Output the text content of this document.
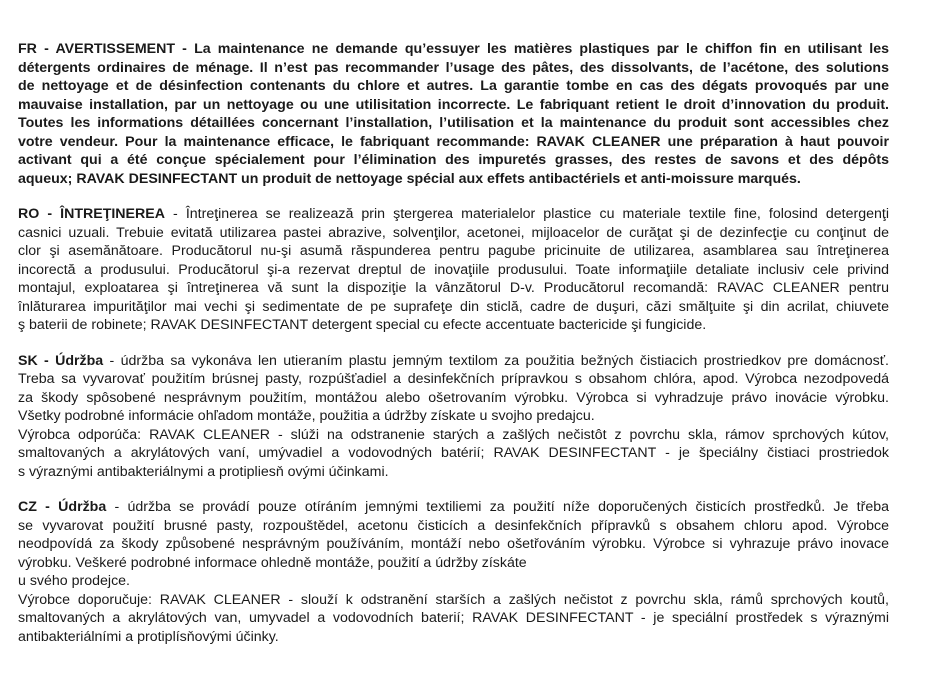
FR - AVERTISSEMENT - La maintenance ne demande qu’essuyer les matières plastiques par le chiffon fin en utilisant les
détergents ordinaires de ménage. Il n’est pas recommander l’usage des pâtes, des dissolvants, de l’acétone, des solutions
de nettoyage et de désinfection contenants du chlore et autres. La garantie tombe en cas des dégats provoqués par une
mauvaise installation, par un nettoyage ou une utilisitation incorrecte. Le fabriquant retient le droit d’innovation du produit.
Toutes les informations détaillées concernant l’installation, l’utilisation et la maintenance du produit sont accessibles chez
votre vendeur. Pour la maintenance efficace, le fabriquant recommande: RAVAK CLEANER une préparation à haut pouvoir
activant qui a été conçue spécialement pour l’élimination des impuretés grasses, des restes de savons et des dépôts
aqueux; RAVAK DESINFECTANT un produit de nettoyage spécial aux effets antibactériels et anti-moissure marqués.
RO - ÎNTREŢINEREA - Întreţinerea se realizează prin ştergerea materialelor plastice cu materiale textile fine, folosind detergenţi
casnici uzuali. Trebuie evitată utilizarea pastei abrazive, solvenţilor, acetonei, mijloacelor de curăţat şi de dezinfecţie cu conţinut de
clor şi asemănătoare. Producătorul nu-şi asumă răspunderea pentru pagube pricinuite de utilizarea, asamblarea sau întreţinerea
incorectă a produsului. Producătorul şi-a rezervat dreptul de inovaţiile produsului. Toate informaţiile detaliate inclusiv cele privind
montajul, exploatarea şi întreţinerea vă sunt la dispoziţie la vânzătorul D-v. Producătorul recomandă: RAVAC CLEANER pentru
înlăturarea impurităţilor mai vechi şi sedimentate de pe suprafeţe din sticlă, cadre de duşuri, căzi smălţuite şi din acrilat, chiuvete
ş baterii de robinete; RAVAK DESINFECTANT detergent special cu efecte accentuate bactericide şi fungicide.
SK - Údržba - údržba sa vykonáva len utieraním plastu jemným textilom za použitia bežných čistiacich prostriedkov pre domácnosť.
Treba sa vyvarovať použitím brúsnej pasty, rozpúšťadiel a desinfekčních prípravkou s obsahom chlóra, apod. Výrobca nezodpovedá
za škody spôsobené nesprávnym použitím, montážou alebo ošetrovaním výrobku. Výrobca si vyhradzuje právo inovácie výrobku.
Všetky podrobné informácie ohľadom montáže, použitia a údržby získate u svojho predajcu.
Výrobca odporúča: RAVAK CLEANER - slúži na odstranenie starých a zašlých nečistôt z povrchu skla, rámov sprchových kútov,
smaltovaných a akrylátových vaní, umývadiel a vodovodných batérií; RAVAK DESINFECTANT - je špeciálny čistiaci prostriedok
s výraznými antibakteriálnymi a protipliesň ovými účinkami.
CZ - Údržba - údržba se provádí pouze otíráním jemnými textiliemi za použití níže doporučených čisticích prostředků. Je třeba
se vyvarovat použití brusné pasty, rozpouštědel, acetonu čisticích a desinfekčních přípravků s obsahem chloru apod. Výrobce
neodpovídá za škody způsobené nesprávným používáním, montáží nebo ošetřováním výrobku. Výrobce si vyhrazuje právo inovace
výrobku. Veškeré podrobné informace ohledně montáže, použití a údržby získáte
u svého prodejce.
Výrobce doporučuje: RAVAK CLEANER - slouží k odstranění starších a zašlých nečistot z povrchu skla, rámů sprchových koutů,
smaltovaných a akrylátových van, umyvadel a vodovodních baterií; RAVAK DESINFECTANT - je speciální prostředek s výraznými
antibakteriálními a protiplísňovými účinky.
